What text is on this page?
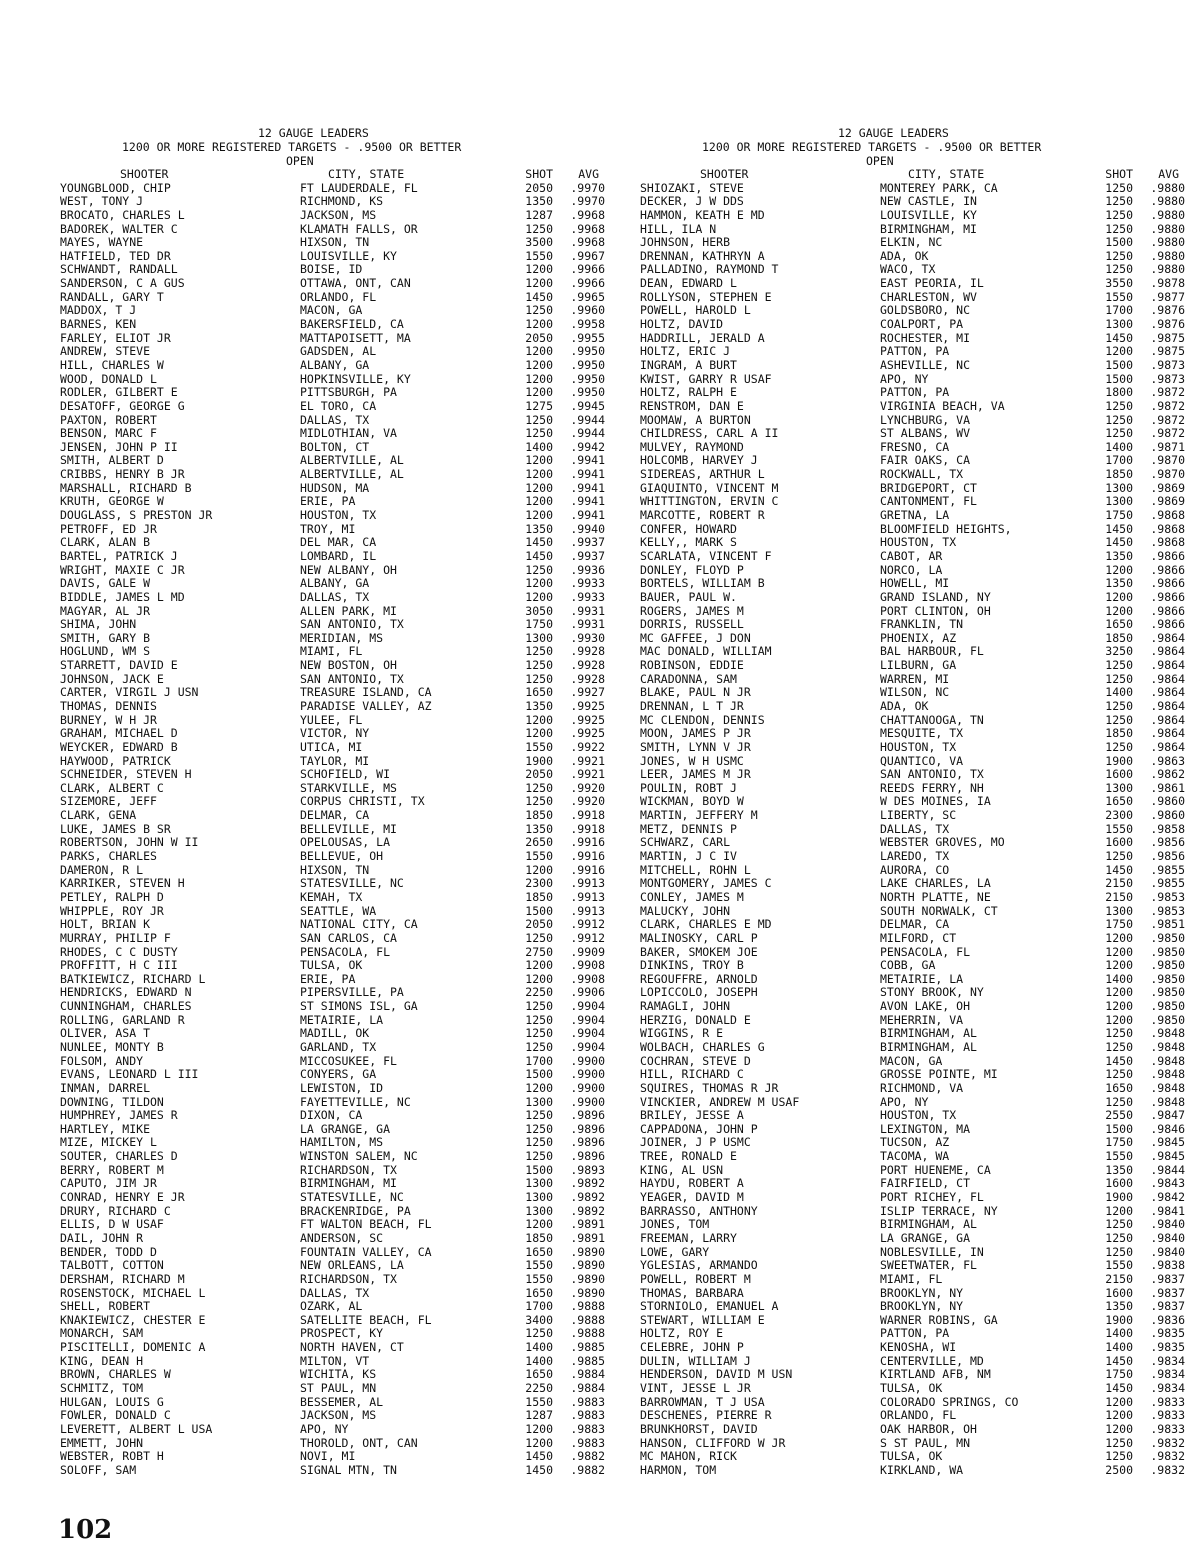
12 GAUGE LEADERS
1200 OR MORE REGISTERED TARGETS - .9500 OR BETTER
OPEN
SHOOTER	CITY, STATE	SHOT	AVG
YOUNGBLOOD, CHIP	FT LAUDERDALE, FL	2050	.9970
WEST, TONY J	RICHMOND, KS	1350	.9970
BROCATO, CHARLES L	JACKSON, MS	1287	.9968
BADOREK, WALTER C	KLAMATH FALLS, OR	1250	.9968
MAYES, WAYNE	HIXSON, TN	3500	.9968
HATFIELD, TED DR	LOUISVILLE, KY	1550	.9967
SCHWANDT, RANDALL	BOISE, ID	1200	.9966
SANDERSON, C A GUS	OTTAWA, ONT, CAN	1200	.9966
RANDALL, GARY T	ORLANDO, FL	1450	.9965
MADDOX, T J	MACON, GA	1250	.9960
BARNES, KEN	BAKERSFIELD, CA	1200	.9958
FARLEY, ELIOT JR	MATTAPOISETT, MA	2050	.9955
ANDREW, STEVE	GADSDEN, AL	1200	.9950
HILL, CHARLES W	ALBANY, GA	1200	.9950
WOOD, DONALD L	HOPKINSVILLE, KY	1200	.9950
RODLER, GILBERT E	PITTSBURGH, PA	1200	.9950
DESATOFF, GEORGE G	EL TORO, CA	1275	.9945
PAXTON, ROBERT	DALLAS, TX	1250	.9944
BENSON, MARC F	MIDLOTHIAN, VA	1250	.9944
JENSEN, JOHN P II	BOLTON, CT	1400	.9942
SMITH, ALBERT D	ALBERTVILLE, AL	1200	.9941
CRIBBS, HENRY B JR	ALBERTVILLE, AL	1200	.9941
MARSHALL, RICHARD B	HUDSON, MA	1200	.9941
KRUTH, GEORGE W	ERIE, PA	1200	.9941
DOUGLASS, S PRESTON JR	HOUSTON, TX	1200	.9941
PETROFF, ED JR	TROY, MI	1350	.9940
CLARK, ALAN B	DEL MAR, CA	1450	.9937
BARTEL, PATRICK J	LOMBARD, IL	1450	.9937
WRIGHT, MAXIE C JR	NEW ALBANY, OH	1250	.9936
DAVIS, GALE W	ALBANY, GA	1200	.9933
BIDDLE, JAMES L MD	DALLAS, TX	1200	.9933
MAGYAR, AL JR	ALLEN PARK, MI	3050	.9931
SHIMA, JOHN	SAN ANTONIO, TX	1750	.9931
SMITH, GARY B	MERIDIAN, MS	1300	.9930
HOGLUND, WM S	MIAMI, FL	1250	.9928
STARRETT, DAVID E	NEW BOSTON, OH	1250	.9928
JOHNSON, JACK E	SAN ANTONIO, TX	1250	.9928
CARTER, VIRGIL J USN	TREASURE ISLAND, CA	1650	.9927
THOMAS, DENNIS	PARADISE VALLEY, AZ	1350	.9925
BURNEY, W H JR	YULEE, FL	1200	.9925
GRAHAM, MICHAEL D	VICTOR, NY	1200	.9925
WEYCKER, EDWARD B	UTICA, MI	1550	.9922
HAYWOOD, PATRICK	TAYLOR, MI	1900	.9921
SCHNEIDER, STEVEN H	SCHOFIELD, WI	2050	.9921
CLARK, ALBERT C	STARKVILLE, MS	1250	.9920
SIZEMORE, JEFF	CORPUS CHRISTI, TX	1250	.9920
CLARK, GENA	DELMAR, CA	1850	.9918
LUKE, JAMES B SR	BELLEVILLE, MI	1350	.9918
ROBERTSON, JOHN W II	OPELOUSAS, LA	2650	.9916
PARKS, CHARLES	BELLEVUE, OH	1550	.9916
DAMERON, R L	HIXSON, TN	1200	.9916
KARRIKER, STEVEN H	STATESVILLE, NC	2300	.9913
PETLEY, RALPH D	KEMAH, TX	1850	.9913
WHIPPLE, ROY JR	SEATTLE, WA	1500	.9913
HOLT, BRIAN K	NATIONAL CITY, CA	2050	.9912
MURRAY, PHILIP F	SAN CARLOS, CA	1250	.9912
RHODES, C C DUSTY	PENSACOLA, FL	2750	.9909
PROFFITT, H C III	TULSA, OK	1200	.9908
BATKIEWICZ, RICHARD L	ERIE, PA	1200	.9908
HENDRICKS, EDWARD N	PIPERSVILLE, PA	2250	.9906
CUNNINGHAM, CHARLES	ST SIMONS ISL, GA	1250	.9904
ROLLING, GARLAND R	METAIRIE, LA	1250	.9904
OLIVER, ASA T	MADILL, OK	1250	.9904
NUNLEE, MONTY B	GARLAND, TX	1250	.9904
FOLSOM, ANDY	MICCOSUKEE, FL	1700	.9900
EVANS, LEONARD L III	CONYERS, GA	1500	.9900
INMAN, DARREL	LEWISTON, ID	1200	.9900
DOWNING, TILDON	FAYETTEVILLE, NC	1300	.9900
HUMPHREY, JAMES R	DIXON, CA	1250	.9896
HARTLEY, MIKE	LA GRANGE, GA	1250	.9896
MIZE, MICKEY L	HAMILTON, MS	1250	.9896
SOUTER, CHARLES D	WINSTON SALEM, NC	1250	.9896
BERRY, ROBERT M	RICHARDSON, TX	1500	.9893
CAPUTO, JIM JR	BIRMINGHAM, MI	1300	.9892
CONRAD, HENRY E JR	STATESVILLE, NC	1300	.9892
DRURY, RICHARD C	BRACKENRIDGE, PA	1300	.9892
ELLIS, D W USAF	FT WALTON BEACH, FL	1200	.9891
DAIL, JOHN R	ANDERSON, SC	1850	.9891
BENDER, TODD D	FOUNTAIN VALLEY, CA	1650	.9890
TALBOTT, COTTON	NEW ORLEANS, LA	1550	.9890
DERSHAM, RICHARD M	RICHARDSON, TX	1550	.9890
ROSENSTOCK, MICHAEL L	DALLAS, TX	1650	.9890
SHELL, ROBERT	OZARK, AL	1700	.9888
KNAKIEWICZ, CHESTER E	SATELLITE BEACH, FL	3400	.9888
MONARCH, SAM	PROSPECT, KY	1250	.9888
PISCITELLI, DOMENIC A	NORTH HAVEN, CT	1400	.9885
KING, DEAN H	MILTON, VT	1400	.9885
BROWN, CHARLES W	WICHITA, KS	1650	.9884
SCHMITZ, TOM	ST PAUL, MN	2250	.9884
HULGAN, LOUIS G	BESSEMER, AL	1550	.9883
FOWLER, DONALD C	JACKSON, MS	1287	.9883
LEVERETT, ALBERT L USA	APO, NY	1200	.9883
EMMETT, JOHN	THOROLD, ONT, CAN	1200	.9883
WEBSTER, ROBT H	NOVI, MI	1450	.9882
SOLOFF, SAM	SIGNAL MTN, TN	1450	.9882
12 GAUGE LEADERS
1200 OR MORE REGISTERED TARGETS - .9500 OR BETTER
OPEN
SHOOTER	CITY, STATE	SHOT	AVG
SHIOZAKI, STEVE	MONTEREY PARK, CA	1250	.9880
DECKER, J W DDS	NEW CASTLE, IN	1250	.9880
HAMMON, KEATH E MD	LOUISVILLE, KY	1250	.9880
HILL, ILA N	BIRMINGHAM, MI	1250	.9880
JOHNSON, HERB	ELKIN, NC	1500	.9880
DRENNAN, KATHRYN A	ADA, OK	1250	.9880
PALLADINO, RAYMOND T	WACO, TX	1250	.9880
DEAN, EDWARD L	EAST PEORIA, IL	3550	.9878
ROLLYSON, STEPHEN E	CHARLESTON, WV	1550	.9877
POWELL, HAROLD L	GOLDSBORO, NC	1700	.9876
HOLTZ, DAVID	COALPORT, PA	1300	.9876
HADDRILL, JERALD A	ROCHESTER, MI	1450	.9875
HOLTZ, ERIC J	PATTON, PA	1200	.9875
INGRAM, A BURT	ASHEVILLE, NC	1500	.9873
KWIST, GARRY R USAF	APO, NY	1500	.9873
HOLTZ, RALPH E	PATTON, PA	1800	.9872
RENSTROM, DAN E	VIRGINIA BEACH, VA	1250	.9872
MOOMAW, A BURTON	LYNCHBURG, VA	1250	.9872
CHILDRESS, CARL A II	ST ALBANS, WV	1250	.9872
MULVEY, RAYMOND	FRESNO, CA	1400	.9871
HOLCOMB, HARVEY J	FAIR OAKS, CA	1700	.9870
SIDEREAS, ARTHUR L	ROCKWALL, TX	1850	.9870
GIAQUINTO, VINCENT M	BRIDGEPORT, CT	1300	.9869
WHITTINGTON, ERVIN C	CANTONMENT, FL	1300	.9869
MARCOTTE, ROBERT R	GRETNA, LA	1750	.9868
CONFER, HOWARD	BLOOMFIELD HEIGHTS,	1450	.9868
KELLY,, MARK S	HOUSTON, TX	1450	.9868
SCARLATA, VINCENT F	CABOT, AR	1350	.9866
DONLEY, FLOYD P	NORCO, LA	1200	.9866
BORTELS, WILLIAM B	HOWELL, MI	1350	.9866
BAUER, PAUL W.	GRAND ISLAND, NY	1200	.9866
ROGERS, JAMES M	PORT CLINTON, OH	1200	.9866
DORRIS, RUSSELL	FRANKLIN, TN	1650	.9866
MC GAFFEE, J DON	PHOENIX, AZ	1850	.9864
MAC DONALD, WILLIAM	BAL HARBOUR, FL	3250	.9864
ROBINSON, EDDIE	LILBURN, GA	1250	.9864
CARADONNA, SAM	WARREN, MI	1250	.9864
BLAKE, PAUL N JR	WILSON, NC	1400	.9864
DRENNAN, L T JR	ADA, OK	1250	.9864
MC CLENDON, DENNIS	CHATTANOOGA, TN	1250	.9864
MOON, JAMES P JR	MESQUITE, TX	1850	.9864
SMITH, LYNN V JR	HOUSTON, TX	1250	.9864
JONES, W H USMC	QUANTICO, VA	1900	.9863
LEER, JAMES M JR	SAN ANTONIO, TX	1600	.9862
POULIN, ROBT J	REEDS FERRY, NH	1300	.9861
WICKMAN, BOYD W	W DES MOINES, IA	1650	.9860
MARTIN, JEFFERY M	LIBERTY, SC	2300	.9860
METZ, DENNIS P	DALLAS, TX	1550	.9858
SCHWARZ, CARL	WEBSTER GROVES, MO	1600	.9856
MARTIN, J C IV	LAREDO, TX	1250	.9856
MITCHELL, ROHN L	AURORA, CO	1450	.9855
MONTGOMERY, JAMES C	LAKE CHARLES, LA	2150	.9855
CONLEY, JAMES M	NORTH PLATTE, NE	2150	.9853
MALUCKY, JOHN	SOUTH NORWALK, CT	1300	.9853
CLARK, CHARLES E MD	DELMAR, CA	1750	.9851
MALINOSKY, CARL P	MILFORD, CT	1200	.9850
BAKER, SMOKEM JOE	PENSACOLA, FL	1200	.9850
DINKINS, TROY B	COBB, GA	1200	.9850
REGOUFFRE, ARNOLD	METAIRIE, LA	1400	.9850
LOPICCOLO, JOSEPH	STONY BROOK, NY	1200	.9850
RAMAGLI, JOHN	AVON LAKE, OH	1200	.9850
HERZIG, DONALD E	MEHERRIN, VA	1200	.9850
WIGGINS, R E	BIRMINGHAM, AL	1250	.9848
WOLBACH, CHARLES G	BIRMINGHAM, AL	1250	.9848
COCHRAN, STEVE D	MACON, GA	1450	.9848
HILL, RICHARD C	GROSSE POINTE, MI	1250	.9848
SQUIRES, THOMAS R JR	RICHMOND, VA	1650	.9848
VINCKIER, ANDREW M USAF	APO, NY	1250	.9848
BRILEY, JESSE A	HOUSTON, TX	2550	.9847
CAPPADONA, JOHN P	LEXINGTON, MA	1500	.9846
JOINER, J P USMC	TUCSON, AZ	1750	.9845
TREE, RONALD E	TACOMA, WA	1550	.9845
KING, AL USN	PORT HUENEME, CA	1350	.9844
HAYDU, ROBERT A	FAIRFIELD, CT	1600	.9843
YEAGER, DAVID M	PORT RICHEY, FL	1900	.9842
BARRASSO, ANTHONY	ISLIP TERRACE, NY	1200	.9841
JONES, TOM	BIRMINGHAM, AL	1250	.9840
FREEMAN, LARRY	LA GRANGE, GA	1250	.9840
LOWE, GARY	NOBLESVILLE, IN	1250	.9840
YGLESIAS, ARMANDO	SWEETWATER, FL	1550	.9838
POWELL, ROBERT M	MIAMI, FL	2150	.9837
THOMAS, BARBARA	BROOKLYN, NY	1600	.9837
STORNIOLO, EMANUEL A	BROOKLYN, NY	1350	.9837
STEWART, WILLIAM E	WARNER ROBINS, GA	1900	.9836
HOLTZ, ROY E	PATTON, PA	1400	.9835
CELEBRE, JOHN P	KENOSHA, WI	1400	.9835
DULIN, WILLIAM J	CENTERVILLE, MD	1450	.9834
HENDERSON, DAVID M USN	KIRTLAND AFB, NM	1750	.9834
VINT, JESSE L JR	TULSA, OK	1450	.9834
BARROWMAN, T J USA	COLORADO SPRINGS, CO	1200	.9833
DESCHENES, PIERRE R	ORLANDO, FL	1200	.9833
BRUNKHORST, DAVID	OAK HARBOR, OH	1200	.9833
HANSON, CLIFFORD W JR	S ST PAUL, MN	1250	.9832
MC MAHON, RICK	TULSA, OK	1250	.9832
HARMON, TOM	KIRKLAND, WA	2500	.9832
102
